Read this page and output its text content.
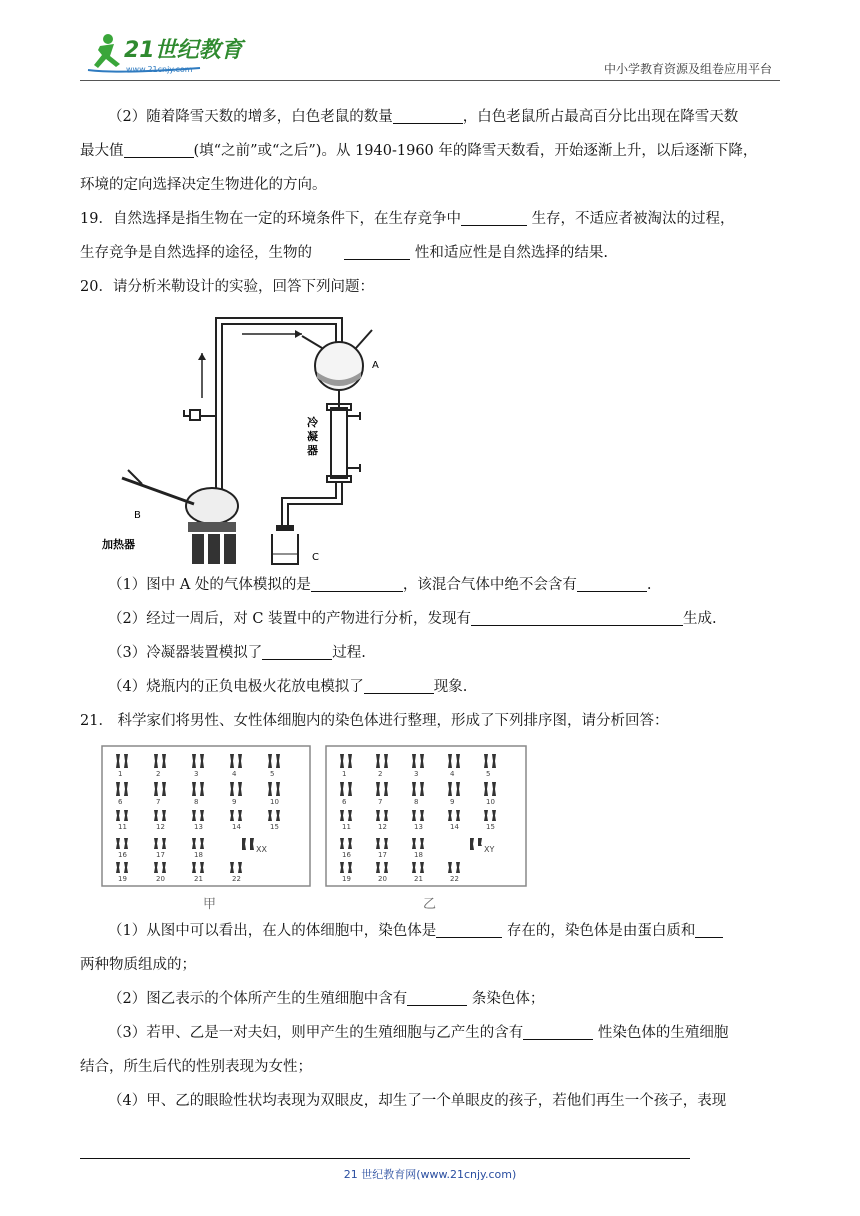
21世纪教育
www.21cnjy.com	中小学教育资源及组卷应用平台

（2）随着降雪天数的增多，白色老鼠的数量	，白色老鼠所占最高百分比出现在降雪天数

最大值	(填“之前”或“之后”)。从 1940-1960 年的降雪天数看，开始逐渐上升，以后逐渐下降，

环境的定向选择决定生物进化的方向。

19．自然选择是指生物在一定的环境条件下，在生存竞争中	生存，不适应者被淘汰的过程，

生存竞争是自然选择的途径，生物的	性和适应性是自然选择的结果.

20．请分析米勒设计的实验，回答下列问题：

A
冷
凝
器
B
加热器
C

（1）图中 A 处的气体模拟的是	，该混合气体中绝不会含有	.

（2）经过一周后，对 C 装置中的产物进行分析，发现有	生成.

（3）冷凝器装置模拟了	过程.

（4）烧瓶内的正负电极火花放电模拟了	现象.

21． 科学家们将男性、女性体细胞内的染色体进行整理，形成了下列排序图，请分析回答：

1	2	3	4	5
6	7	8	9	10
11	12	13	14	15
16	17	18
19	20	21	22
XX
1	2	3	4	5
6	7	8	9	10
11	12	13	14	15
16	17	18
19	20	21	22
XY
甲	乙

（1）从图中可以看出，在人的体细胞中，染色体是	存在的，染色体是由蛋白质和

两种物质组成的；

（2）图乙表示的个体所产生的生殖细胞中含有	条染色体；

（3）若甲、乙是一对夫妇，则甲产生的生殖细胞与乙产生的含有	性染色体的生殖细胞

结合，所生后代的性别表现为女性；

（4）甲、乙的眼睑性状均表现为双眼皮，却生了一个单眼皮的孩子，若他们再生一个孩子，表现

21 世纪教育网(www.21cnjy.com)
